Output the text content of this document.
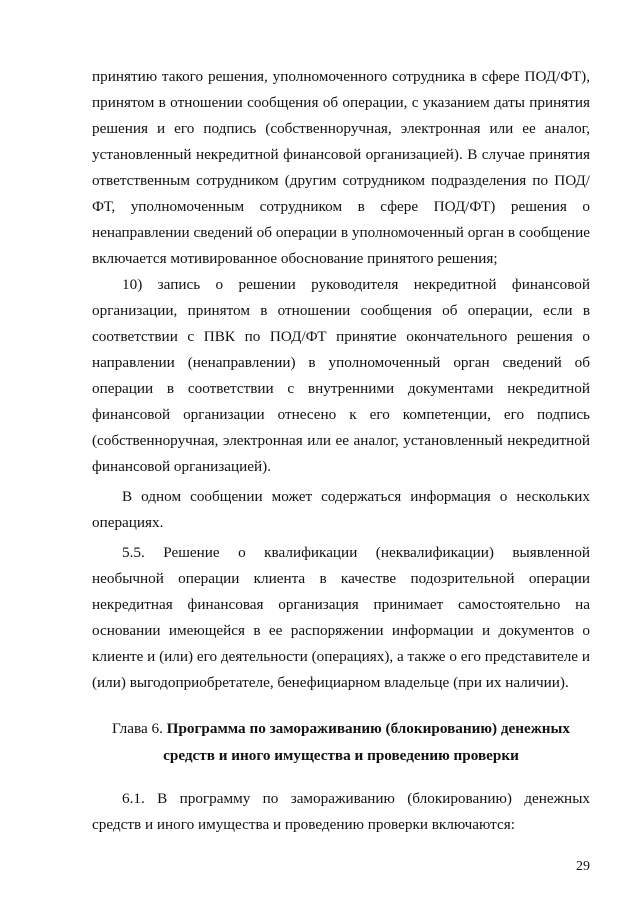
принятию такого решения, уполномоченного сотрудника в сфере ПОД/ФТ), принятом в отношении сообщения об операции, с указанием даты принятия решения и его подпись (собственноручная, электронная или ее аналог, установленный некредитной финансовой организацией). В случае принятия ответственным сотрудником (другим сотрудником подразделения по ПОД/ФТ, уполномоченным сотрудником в сфере ПОД/ФТ) решения о ненаправлении сведений об операции в уполномоченный орган в сообщение включается мотивированное обоснование принятого решения;

10) запись о решении руководителя некредитной финансовой организации, принятом в отношении сообщения об операции, если в соответствии с ПВК по ПОД/ФТ принятие окончательного решения о направлении (ненаправлении) в уполномоченный орган сведений об операции в соответствии с внутренними документами некредитной финансовой организации отнесено к его компетенции, его подпись (собственноручная, электронная или ее аналог, установленный некредитной финансовой организацией).

В одном сообщении может содержаться информация о нескольких операциях.

5.5. Решение о квалификации (неквалификации) выявленной необычной операции клиента в качестве подозрительной операции некредитная финансовая организация принимает самостоятельно на основании имеющейся в ее распоряжении информации и документов о клиенте и (или) его деятельности (операциях), а также о его представителе и (или) выгодоприобретателе, бенефициарном владельце (при их наличии).

Глава 6. Программа по замораживанию (блокированию) денежных средств и иного имущества и проведению проверки

6.1. В программу по замораживанию (блокированию) денежных средств и иного имущества и проведению проверки включаются:

29
